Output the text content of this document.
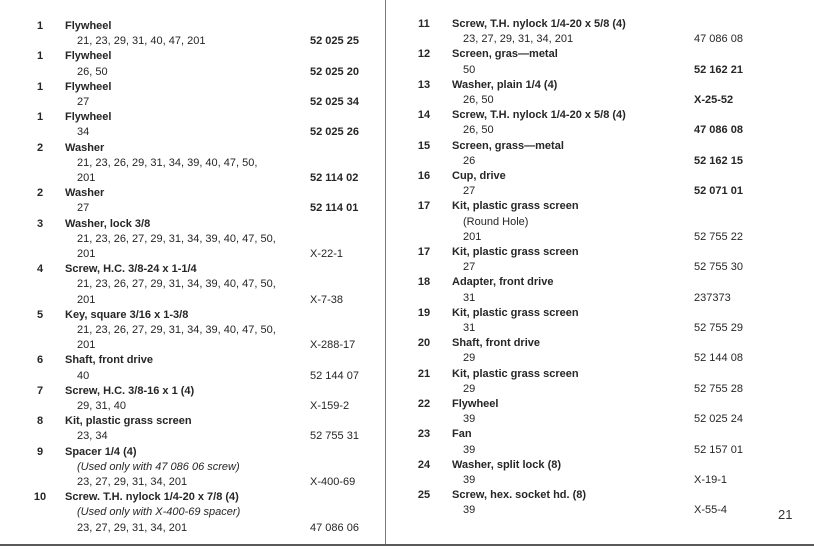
1	Flywheel
21, 23, 29, 31, 40, 47, 201	52 025 25
1	Flywheel
26, 50	52 025 20
1	Flywheel
27	52 025 34
1	Flywheel
34	52 025 26
2	Washer
21, 23, 26, 29, 31, 34, 39, 40, 47, 50,
201	52 114 02
2	Washer
27	52 114 01
3	Washer, lock 3/8
21, 23, 26, 27, 29, 31, 34, 39, 40, 47, 50,
201	X-22-1
4	Screw, H.C. 3/8-24 x 1-1/4
21, 23, 26, 27, 29, 31, 34, 39, 40, 47, 50,
201	X-7-38
5	Key, square 3/16 x 1-3/8
21, 23, 26, 27, 29, 31, 34, 39, 40, 47, 50,
201	X-288-17
6	Shaft, front drive
40	52 144 07
7	Screw, H.C. 3/8-16 x 1 (4)
29, 31, 40	X-159-2
8	Kit, plastic grass screen
23, 34	52 755 31
9	Spacer 1/4 (4)
(Used only with 47 086 06 screw)
23, 27, 29, 31, 34, 201	X-400-69
10	Screw. T.H. nylock 1/4-20 x 7/8 (4)
(Used only with X-400-69 spacer)
23, 27, 29, 31, 34, 201	47 086 06
11	Screw, T.H. nylock 1/4-20 x 5/8 (4)
23, 27, 29, 31, 34, 201	47 086 08
12	Screen, gras—metal
50	52 162 21
13	Washer, plain 1/4 (4)
26, 50	X-25-52
14	Screw, T.H. nylock 1/4-20 x 5/8 (4)
26, 50	47 086 08
15	Screen, grass—metal
26	52 162 15
16	Cup, drive
27	52 071 01
17	Kit, plastic grass screen
(Round Hole)
201	52 755 22
17	Kit, plastic grass screen
27	52 755 30
18	Adapter, front drive
31	237373
19	Kit, plastic grass screen
31	52 755 29
20	Shaft, front drive
29	52 144 08
21	Kit, plastic grass screen
29	52 755 28
22	Flywheel
39	52 025 24
23	Fan
39	52 157 01
24	Washer, split lock (8)
39	X-19-1
25	Screw, hex. socket hd. (8)
39	X-55-4	21
